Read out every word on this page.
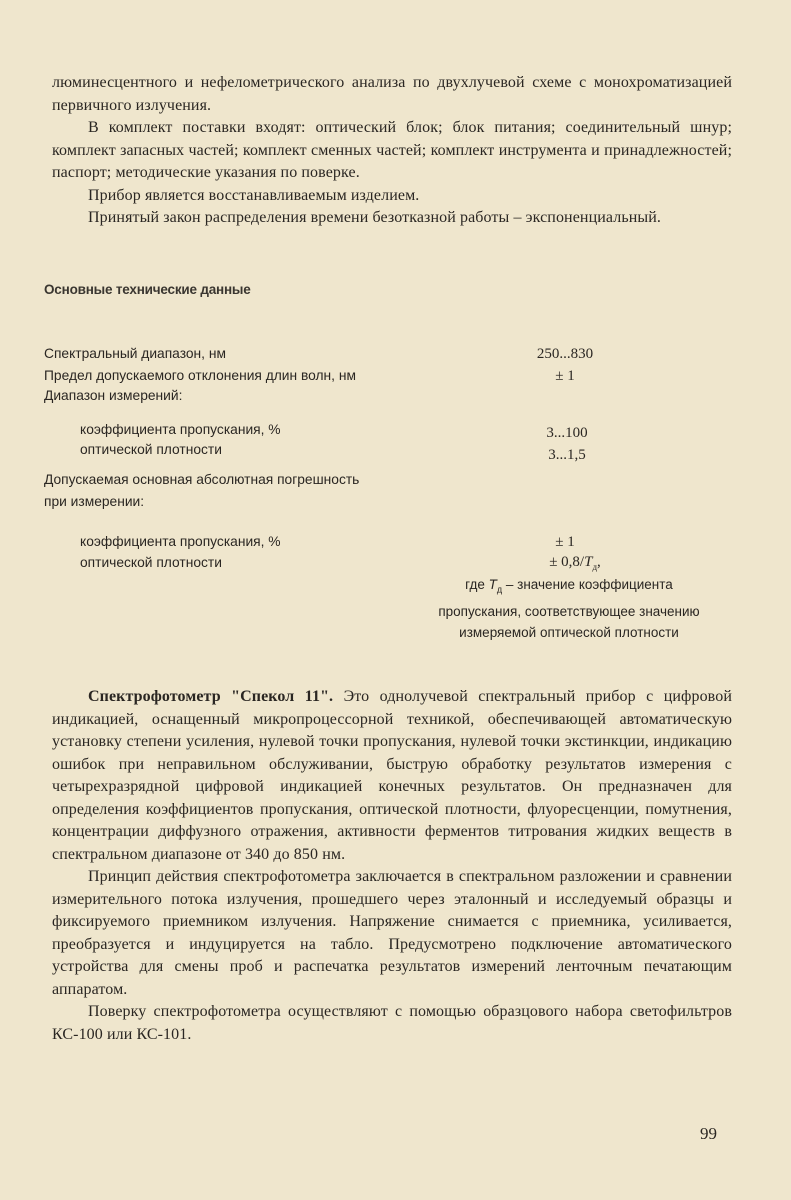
люминесцентного и нефелометрического анализа по двухлучевой схеме с монохроматизацией первичного излучения.

В комплект поставки входят: оптический блок; блок питания; соединительный шнур; комплект запасных частей; комплект сменных частей; комплект инструмента и принадлежностей; паспорт; методические указания по поверке.

Прибор является восстанавливаемым изделием.

Принятый закон распределения времени безотказной работы – экспоненциальный.

Основные технические данные
Спектральный диапазон, нм	250...830
Предел допускаемого отклонения длин волн, нм	± 1
Диапазон измерений:
коэффициента пропускания, %	3...100
оптической плотности	3...1,5
Допускаемая основная абсолютная погрешность
при измерении:
коэффициента пропускания, %	± 1
оптической плотности	± $0,8/T_д$,
где $T_д$ – значение коэффициента пропускания, соответствующее значению измеряемой оптической плотности

Спектрофотометр "Спекол 11". Это однолучевой спектральный прибор с цифровой индикацией, оснащенный микропроцессорной техникой, обеспечивающей автоматическую установку степени усиления, нулевой точки пропускания, нулевой точки экстинкции, индикацию ошибок при неправильном обслуживании, быструю обработку результатов измерения с четырехразрядной цифровой индикацией конечных результатов. Он предназначен для определения коэффициентов пропускания, оптической плотности, флуоресценции, помутнения, концентрации диффузного отражения, активности ферментов титрования жидких веществ в спектральном диапазоне от 340 до 850 нм.

Принцип действия спектрофотометра заключается в спектральном разложении и сравнении измерительного потока излучения, прошедшего через эталонный и исследуемый образцы и фиксируемого приемником излучения. Напряжение снимается с приемника, усиливается, преобразуется и индуцируется на табло. Предусмотрено подключение автоматического устройства для смены проб и распечатка результатов измерений ленточным печатающим аппаратом.

Поверку спектрофотометра осуществляют с помощью образцового набора светофильтров КС-100 или КС-101.

99
